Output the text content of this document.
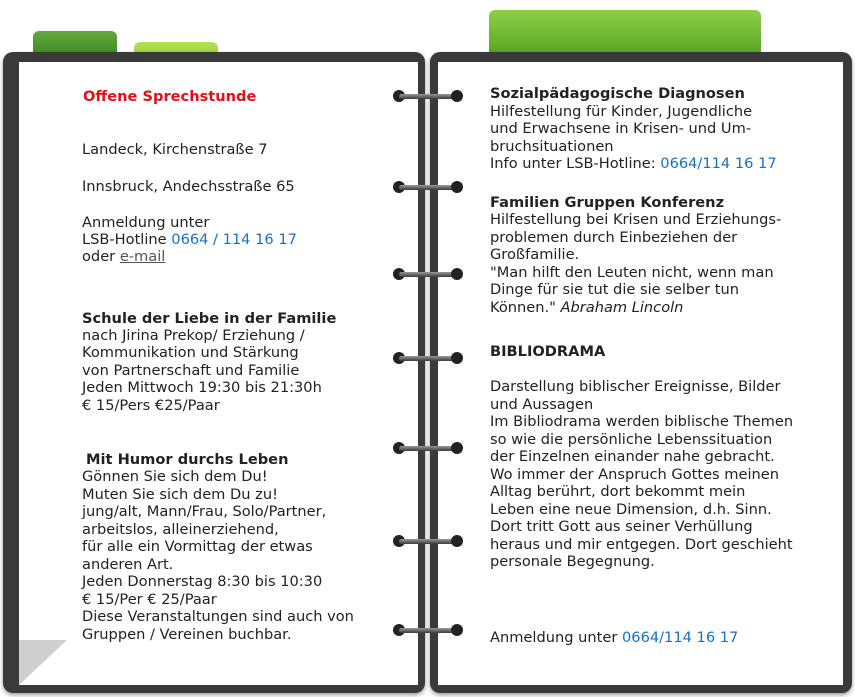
Offene Sprechstunde
Landeck, Kirchenstraße 7
Innsbruck, Andechsstraße 65
Anmeldung unter
LSB-Hotline 0664 / 114 16 17
oder e-mail
Schule der Liebe in der Familie
nach Jirina Prekop/ Erziehung /
Kommunikation und Stärkung
von Partnerschaft und Familie
Jeden Mittwoch 19:30 bis 21:30h
€ 15/Pers €25/Paar
Mit Humor durchs Leben
Gönnen Sie sich dem Du!
Muten Sie sich dem Du zu!
jung/alt, Mann/Frau, Solo/Partner,
arbeitslos, alleinerziehend,
für alle ein Vormittag der etwas
anderen Art.
Jeden Donnerstag 8:30 bis 10:30
€ 15/Per € 25/Paar
Diese Veranstaltungen sind auch von
Gruppen / Vereinen buchbar.
Sozialpädagogische Diagnosen
Hilfestellung für Kinder, Jugendliche
und Erwachsene in Krisen- und Um-
bruchsituationen
Info unter LSB-Hotline: 0664/114 16 17
Familien Gruppen Konferenz
Hilfestellung bei Krisen und Erziehungs-
problemen durch Einbeziehen der
Großfamilie.
"Man hilft den Leuten nicht, wenn man
Dinge für sie tut die sie selber tun
Können." Abraham Lincoln
BIBLIODRAMA
Darstellung biblischer Ereignisse, Bilder
und Aussagen
Im Bibliodrama werden biblische Themen
so wie die persönliche Lebenssituation
der Einzelnen einander nahe gebracht.
Wo immer der Anspruch Gottes meinen
Alltag berührt, dort bekommt mein
Leben eine neue Dimension, d.h. Sinn.
Dort tritt Gott aus seiner Verhüllung
heraus und mir entgegen. Dort geschieht
personale Begegnung.
Anmeldung unter 0664/114 16 17
